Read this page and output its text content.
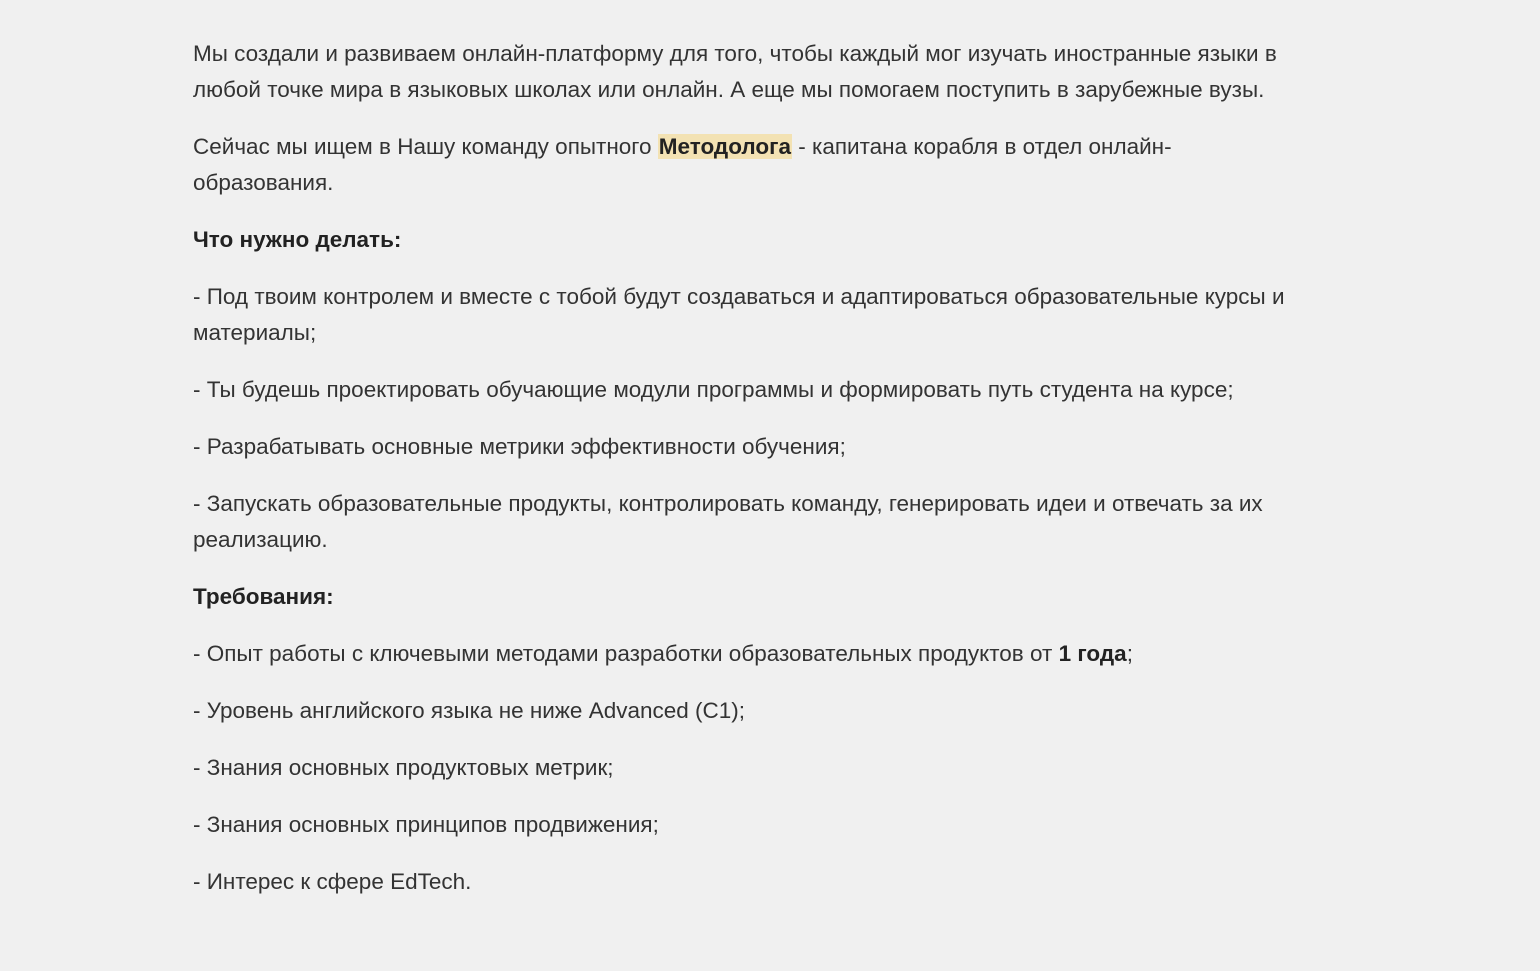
Мы создали и развиваем онлайн-платформу для того, чтобы каждый мог изучать иностранные языки в любой точке мира в языковых школах или онлайн. А еще мы помогаем поступить в зарубежные вузы.

Сейчас мы ищем в Нашу команду опытного Методолога - капитана корабля в отдел онлайн-образования.

Что нужно делать:

- Под твоим контролем и вместе с тобой будут создаваться и адаптироваться образовательные курсы и материалы;

- Ты будешь проектировать обучающие модули программы и формировать путь студента на курсе;

- Разрабатывать основные метрики эффективности обучения;

- Запускать образовательные продукты, контролировать команду, генерировать идеи и отвечать за их реализацию.

Требования:

- Опыт работы с ключевыми методами разработки образовательных продуктов от 1 года;

- Уровень английского языка не ниже Advanced (C1);

- Знания основных продуктовых метрик;

- Знания основных принципов продвижения;

- Интерес к сфере EdTech.
